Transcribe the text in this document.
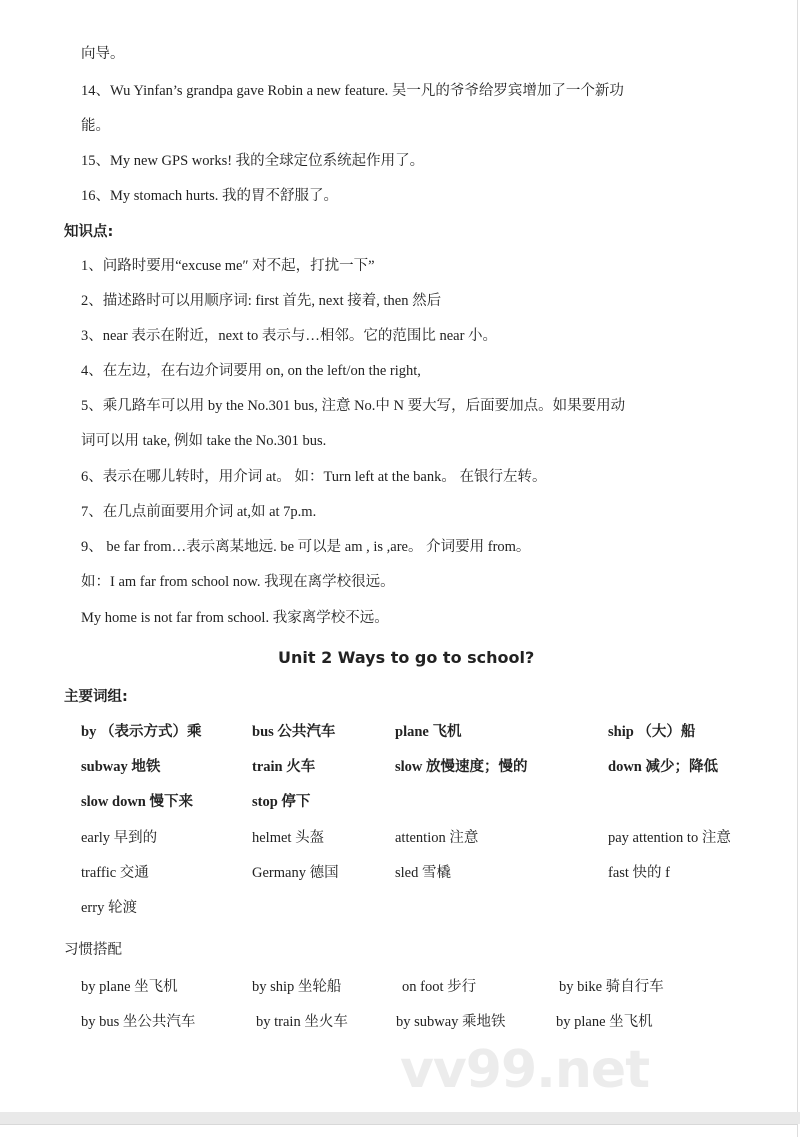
向导。
14、Wu Yinfan’s grandpa gave Robin a new feature. 吴一凡的爷爷给罗宾增加了一个新功
能。
15、My new GPS works! 我的全球定位系统起作用了。
16、My stomach hurts. 我的胃不舒服了。
知识点:
1、问路时要用“excuse me″ 对不起，打扰一下”
2、描述路时可以用顺序词: first 首先, next 接着, then 然后
3、near 表示在附近，next to 表示与…相邻。它的范围比 near 小。
4、在左边，在右边介词要用 on, on the left/on the right,
5、乘几路车可以用 by the No.301 bus, 注意 No.中 N 要大写，后面要加点。如果要用动
词可以用 take, 例如 take the No.301 bus.
6、表示在哪儿转时，用介词 at。 如：Turn left at the bank。 在银行左转。
7、在几点前面要用介词 at,如 at 7p.m.
9、 be far from…表示离某地远. be 可以是 am , is ,are。 介词要用 from。
如：I am far from school now. 我现在离学校很远。
My home is not far from school. 我家离学校不远。
Unit 2 Ways to go to school?
主要词组:
by （表示方式）乘	bus 公共汽车	plane 飞机	ship （大）船
subway 地铁	train 火车	slow 放慢速度；慢的	down 减少；降低
slow down 慢下来	stop 停下
early 早到的	helmet 头盔	attention 注意	pay attention to 注意
traffic 交通	Germany 德国	sled 雪橇	fast 快的 f
erry 轮渡
习惯搭配
by plane 坐飞机	by ship 坐轮船	on foot 步行	by bike 骑自行车
by bus 坐公共汽车	by train 坐火车	by subway 乘地铁	by plane 坐飞机
vv99.net
